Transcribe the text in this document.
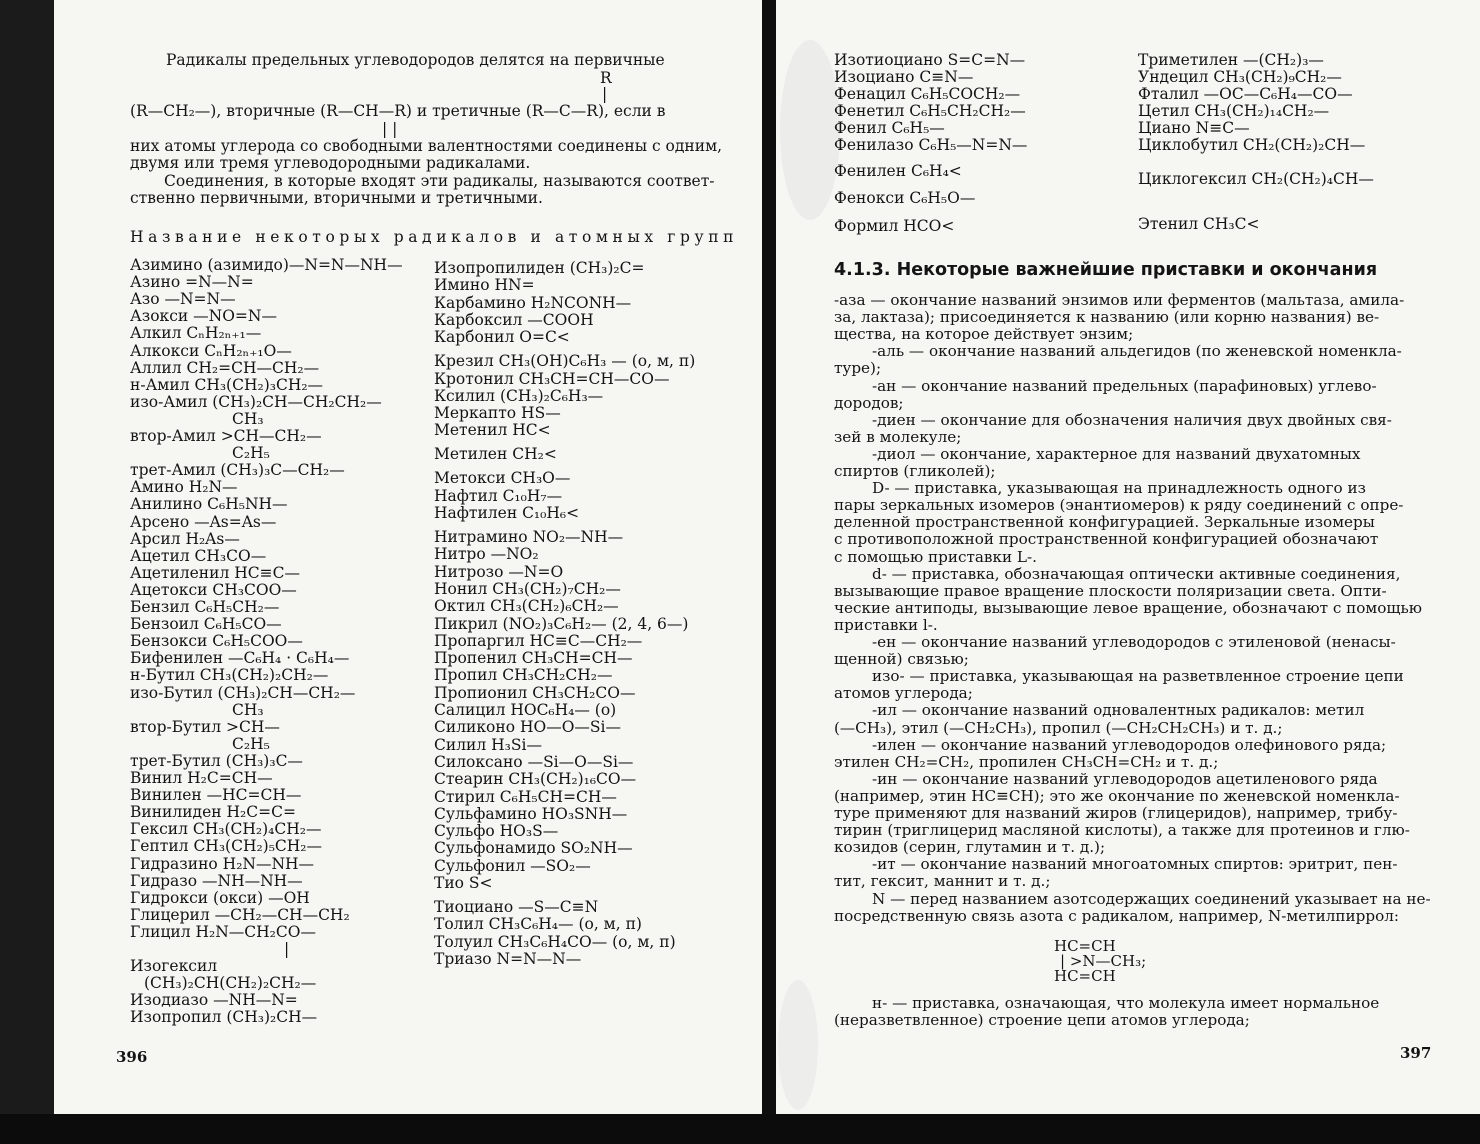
Радикалы предельных углеводородов делятся на первичные
R
|
(R—CH₂—), вторичные (R—CH—R) и третичные (R—C—R), если в
| |
них атомы углерода со свободными валентностями соединены с одним,
двумя или тремя углеводородными радикалами.
Соединения, в которые входят эти радикалы, называются соответ-
ственно первичными, вторичными и третичными.
Название некоторых радикалов и атомных групп
Азимино (азимидо)—N=N—NH—
Азино =N—N=
Азо —N=N—
Азокси —NO=N—
Алкил CₙH₂ₙ₊₁—
Алкокси CₙH₂ₙ₊₁O—
Аллил CH₂=CH—CH₂—
н-Амил CH₃(CH₂)₃CH₂—
изо-Амил (CH₃)₂CH—CH₂CH₂—
CH₃
втор-Амил >CH—CH₂—
C₂H₅
трет-Амил (CH₃)₃C—CH₂—
Амино H₂N—
Анилино C₆H₅NH—
Арсено —As=As—
Арсил H₂As—
Ацетил CH₃CO—
Ацетиленил HC≡C—
Ацетокси CH₃COO—
Бензил C₆H₅CH₂—
Бензоил C₆H₅CO—
Бензокси C₆H₅COO—
Бифенилен —C₆H₄ · C₆H₄—
н-Бутил CH₃(CH₂)₂CH₂—
изо-Бутил (CH₃)₂CH—CH₂—
CH₃
втор-Бутил >CH—
C₂H₅
трет-Бутил (CH₃)₃C—
Винил H₂C=CH—
Винилен —HC=CH—
Винилиден H₂C=C=
Гексил CH₃(CH₂)₄CH₂—
Гептил CH₃(CH₂)₅CH₂—
Гидразино H₂N—NH—
Гидразо —NH—NH—
Гидрокси (окси) —OH
Глицерил —CH₂—CH—CH₂
Глицил H₂N—CH₂CO—
|
Изогексил
(CH₃)₂CH(CH₂)₂CH₂—
Изодиазо —NH—N=
Изопропил (CH₃)₂CH—
Изопропилиден (CH₃)₂C=
Имино HN=
Карбамино H₂NCONH—
Карбоксил —COOH
Карбонил O=C<
Крезил CH₃(OH)C₆H₃ — (о, м, п)
Кротонил CH₃CH=CH—CO—
Ксилил (CH₃)₂C₆H₃—
Меркапто HS—
Метенил HC<
Метилен CH₂<
Метокси CH₃O—
Нафтил C₁₀H₇—
Нафтилен C₁₀H₆<
Нитрамино NO₂—NH—
Нитро —NO₂
Нитрозо —N=O
Нонил CH₃(CH₂)₇CH₂—
Октил CH₃(CH₂)₆CH₂—
Пикрил (NO₂)₃C₆H₂— (2, 4, 6—)
Пропаргил HC≡C—CH₂—
Пропенил CH₃CH=CH—
Пропил CH₃CH₂CH₂—
Пропионил CH₃CH₂CO—
Салицил HOC₆H₄— (о)
Силиконо HO—O—Si—
Силил H₃Si—
Силоксано —Si—O—Si—
Стеарин CH₃(CH₂)₁₆CO—
Стирил C₆H₅CH=CH—
Сульфамино HO₃SNH—
Сульфо HO₃S—
Сульфонамидо SO₂NH—
Сульфонил —SO₂—
Тио S<
Тиоциано —S—C≡N
Толил CH₃C₆H₄— (о, м, п)
Толуил CH₃C₆H₄CO— (о, м, п)
Триазо N=N—N—
396
Изотиоциано S=C=N—
Изоциано C≡N—
Фенацил C₆H₅COCH₂—
Фенетил C₆H₅CH₂CH₂—
Фенил C₆H₅—
Фенилазо C₆H₅—N=N—
Фенилен C₆H₄<
Фенокси C₆H₅O—
Формил HCO<
Триметилен —(CH₂)₃—
Ундецил CH₃(CH₂)₉CH₂—
Фталил —OC—C₆H₄—CO—
Цетил CH₃(CH₂)₁₄CH₂—
Циано N≡C—
Циклобутил CH₂(CH₂)₂CH—
Циклогексил CH₂(CH₂)₄CH—
Этенил CH₃C<
4.1.3. Некоторые важнейшие приставки и окончания
-аза — окончание названий энзимов или ферментов (мальтаза, амила-
за, лактаза); присоединяется к названию (или корню названия) ве-
щества, на которое действует энзим;
-аль — окончание названий альдегидов (по женевской номенкла-
туре);
-ан — окончание названий предельных (парафиновых) углево-
дородов;
-диен — окончание для обозначения наличия двух двойных свя-
зей в молекуле;
-диол — окончание, характерное для названий двухатомных
спиртов (гликолей);
D- — приставка, указывающая на принадлежность одного из
пары зеркальных изомеров (энантиомеров) к ряду соединений с опре-
деленной пространственной конфигурацией. Зеркальные изомеры
с противоположной пространственной конфигурацией обозначают
с помощью приставки L-.
d- — приставка, обозначающая оптически активные соединения,
вызывающие правое вращение плоскости поляризации света. Опти-
ческие антиподы, вызывающие левое вращение, обозначают с помощью
приставки l-.
-ен — окончание названий углеводородов с этиленовой (ненасы-
щенной) связью;
изо- — приставка, указывающая на разветвленное строение цепи
атомов углерода;
-ил — окончание названий одновалентных радикалов: метил
(—CH₃), этил (—CH₂CH₃), пропил (—CH₂CH₂CH₃) и т. д.;
-илен — окончание названий углеводородов олефинового ряда;
этилен CH₂=CH₂, пропилен CH₃CH=CH₂ и т. д.;
-ин — окончание названий углеводородов ацетиленового ряда
(например, этин HC≡CH); это же окончание по женевской номенкла-
туре применяют для названий жиров (глицеридов), например, трибу-
тирин (триглицерид масляной кислоты), а также для протеинов и глю-
козидов (серин, глутамин и т. д.);
-ит — окончание названий многоатомных спиртов: эритрит, пен-
тит, гексит, маннит и т. д.;
N — перед названием азотсодержащих соединений указывает на не-
посредственную связь азота с радикалом, например, N-метилпиррол:
HC=CH
| >N—CH₃;
HC=CH
н- — приставка, означающая, что молекула имеет нормальное
(неразветвленное) строение цепи атомов углерода;
397
